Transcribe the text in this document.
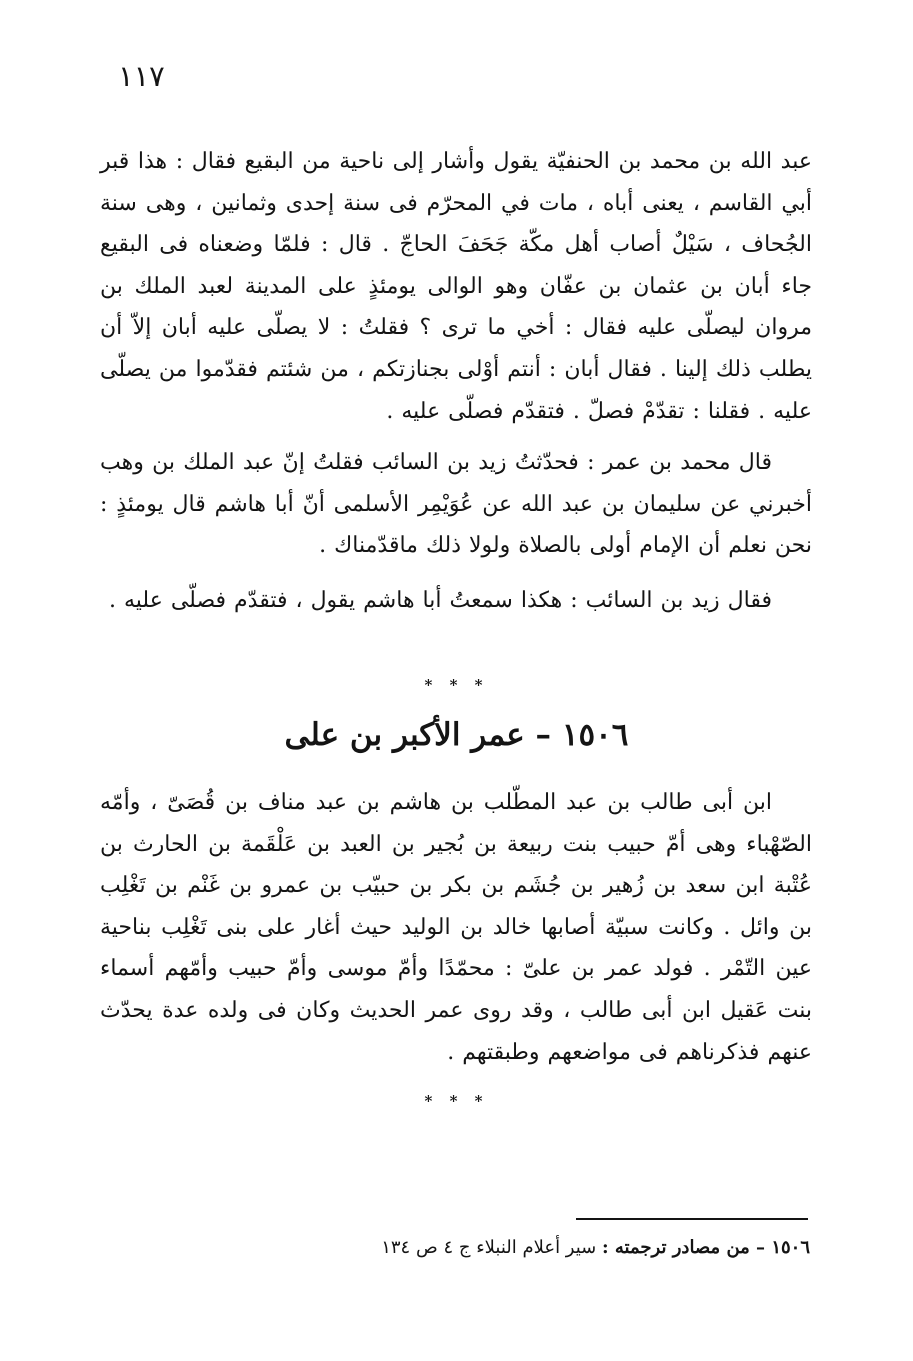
١١٧

عبد الله بن محمد بن الحنفيّة يقول وأشار إلى ناحية من البقيع فقال : هذا قبر أبي القاسم ، يعنى أباه ، مات في المحرّم فى سنة إحدى وثمانين ، وهى سنة الجُحاف ، سَيْلٌ أصاب أهل مكّة جَحَفَ الحاجّ . قال : فلمّا وضعناه فى البقيع جاء أبان بن عثمان بن عفّان وهو الوالى يومئذٍ على المدينة لعبد الملك بن مروان ليصلّى عليه فقال : أخي ما ترى ؟ فقلتُ : لا يصلّى عليه أبان إلاّ أن يطلب ذلك إلينا . فقال أبان : أنتم أوْلى بجنازتكم ، من شئتم فقدّموا من يصلّى عليه . فقلنا : تقدّمْ فصلّ . فتقدّم فصلّى عليه .

قال محمد بن عمر : فحدّثتُ زيد بن السائب فقلتُ إنّ عبد الملك بن وهب أخبرني عن سليمان بن عبد الله عن عُوَيْمِر الأسلمى أنّ أبا هاشم قال يومئذٍ : نحن نعلم أن الإمام أولى بالصلاة ولولا ذلك ماقدّمناك .

فقال زيد بن السائب : هكذا سمعتُ أبا هاشم يقول ، فتقدّم فصلّى عليه .

* * *
١٥٠٦ – عمر الأكبر بن على

ابن أبى طالب بن عبد المطّلب بن هاشم بن عبد مناف بن قُصَىّ ، وأمّه الصّهْباء وهى أمّ حبيب بنت ربيعة بن بُجير بن العبد بن عَلْقَمة بن الحارث بن عُتْبة ابن سعد بن زُهير بن جُشَم بن بكر بن حبيّب بن عمرو بن غَنْم بن تَغْلِب بن وائل . وكانت سبيّة أصابها خالد بن الوليد حيث أغار على بنى تَغْلِب بناحية عين التّمْر . فولد عمر بن علىّ : محمّدًا وأمّ موسى وأمّ حبيب وأمّهم أسماء بنت عَقيل ابن أبى طالب ، وقد روى عمر الحديث وكان فى ولده عدة يحدّث عنهم فذكرناهم فى مواضعهم وطبقتهم .

* * *
١٥٠٦ – من مصادر ترجمته : سير أعلام النبلاء ج ٤ ص ١٣٤
